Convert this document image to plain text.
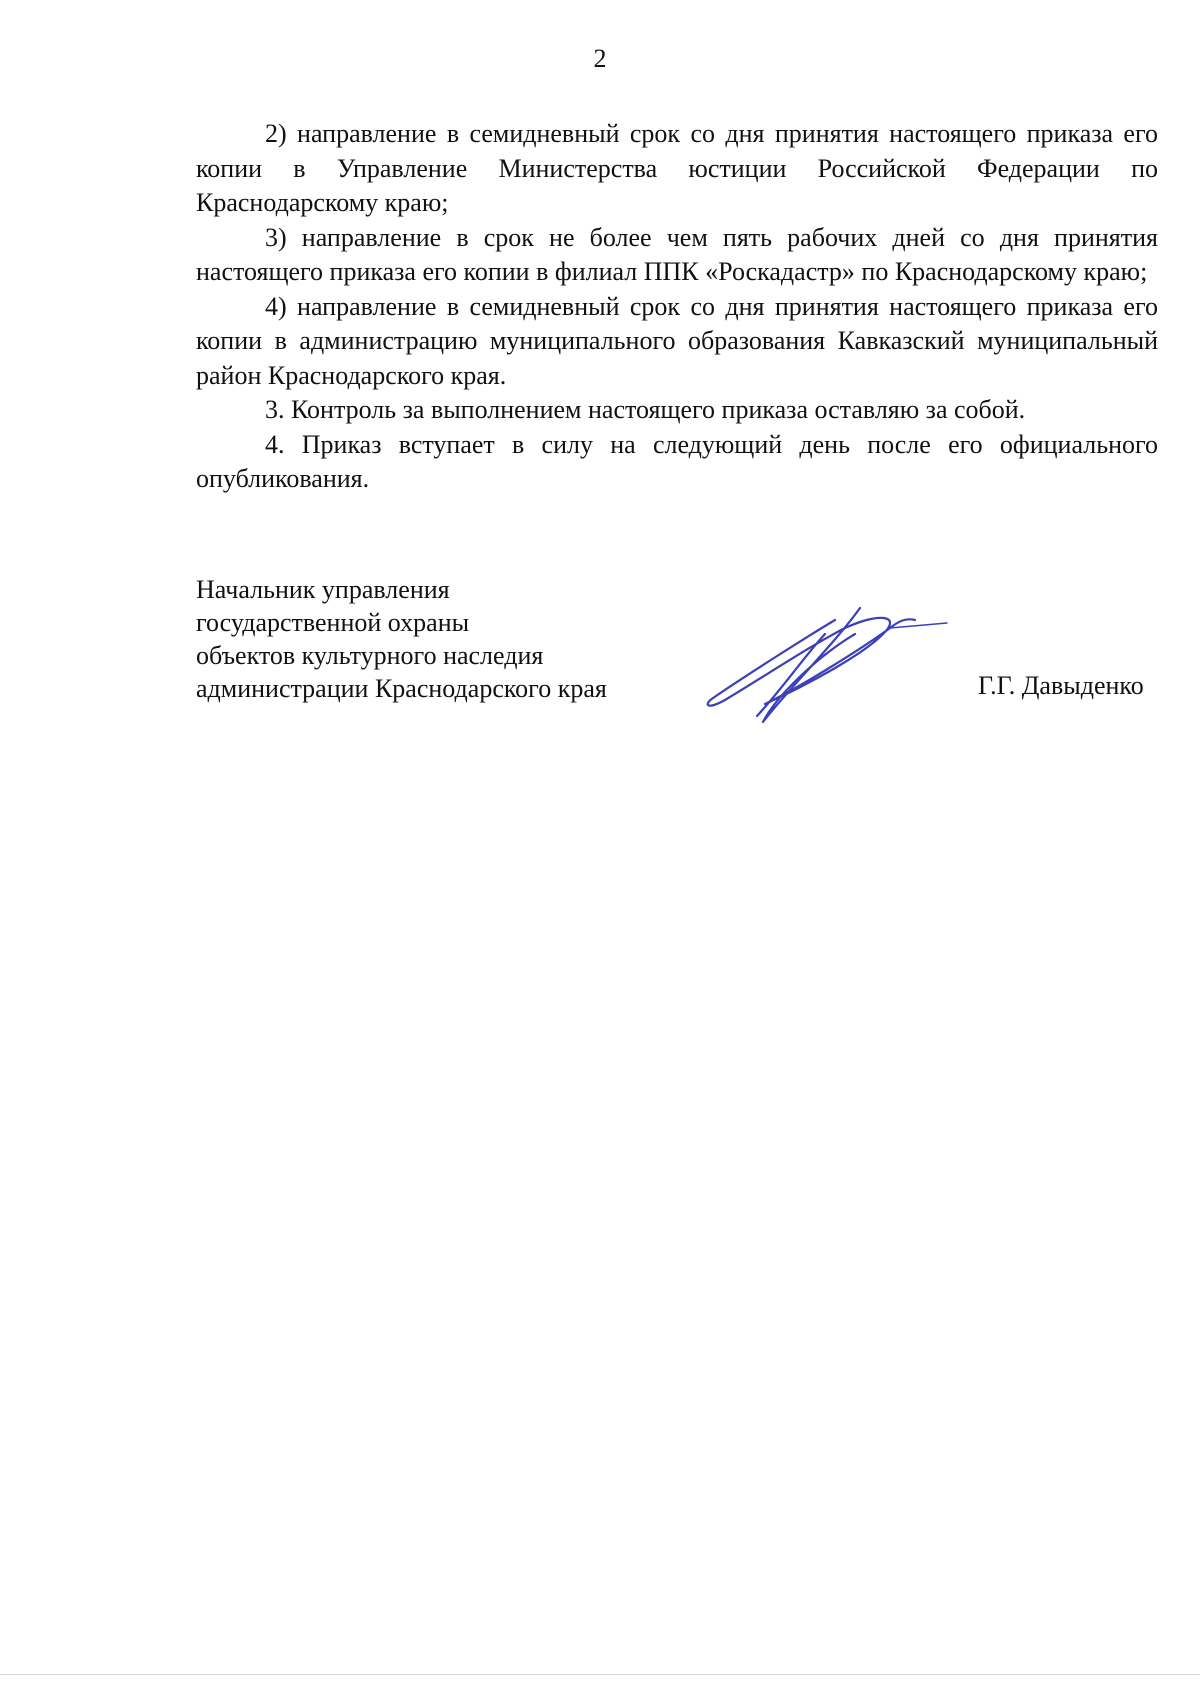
2

2) направление в семидневный срок со дня принятия настоящего приказа его копии в Управление Министерства юстиции Российской Федерации по Краснодарскому краю;

3) направление в срок не более чем пять рабочих дней со дня принятия настоящего приказа его копии в филиал ППК «Роскадастр» по Краснодарскому краю;

4) направление в семидневный срок со дня принятия настоящего приказа его копии в администрацию муниципального образования Кавказский муниципальный район Краснодарского края.

3. Контроль за выполнением настоящего приказа оставляю за собой.

4. Приказ вступает в силу на следующий день после его официального опубликования.

Начальник управления

государственной охраны

объектов культурного наследия

администрации Краснодарского края	Г.Г. Давыденко
